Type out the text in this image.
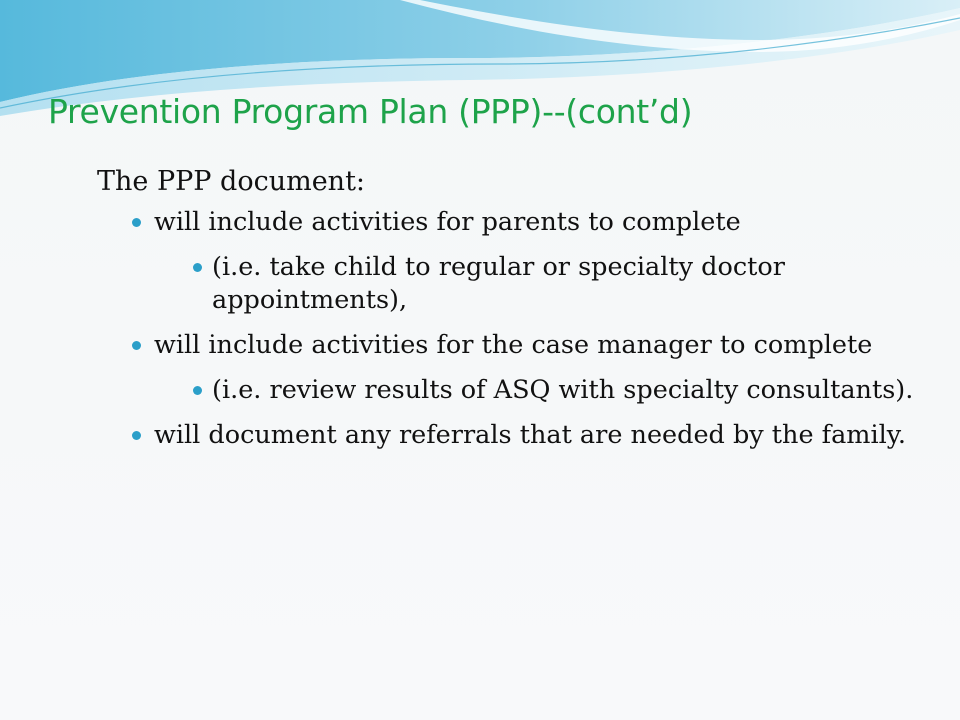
Prevention Program Plan (PPP)--(cont’d)

The PPP document:

will include activities for parents to complete
(i.e. take child to regular or specialty doctor appointments),
will include activities for the case manager to complete
(i.e. review results of ASQ with specialty consultants).
will document any referrals that are needed by the family.
